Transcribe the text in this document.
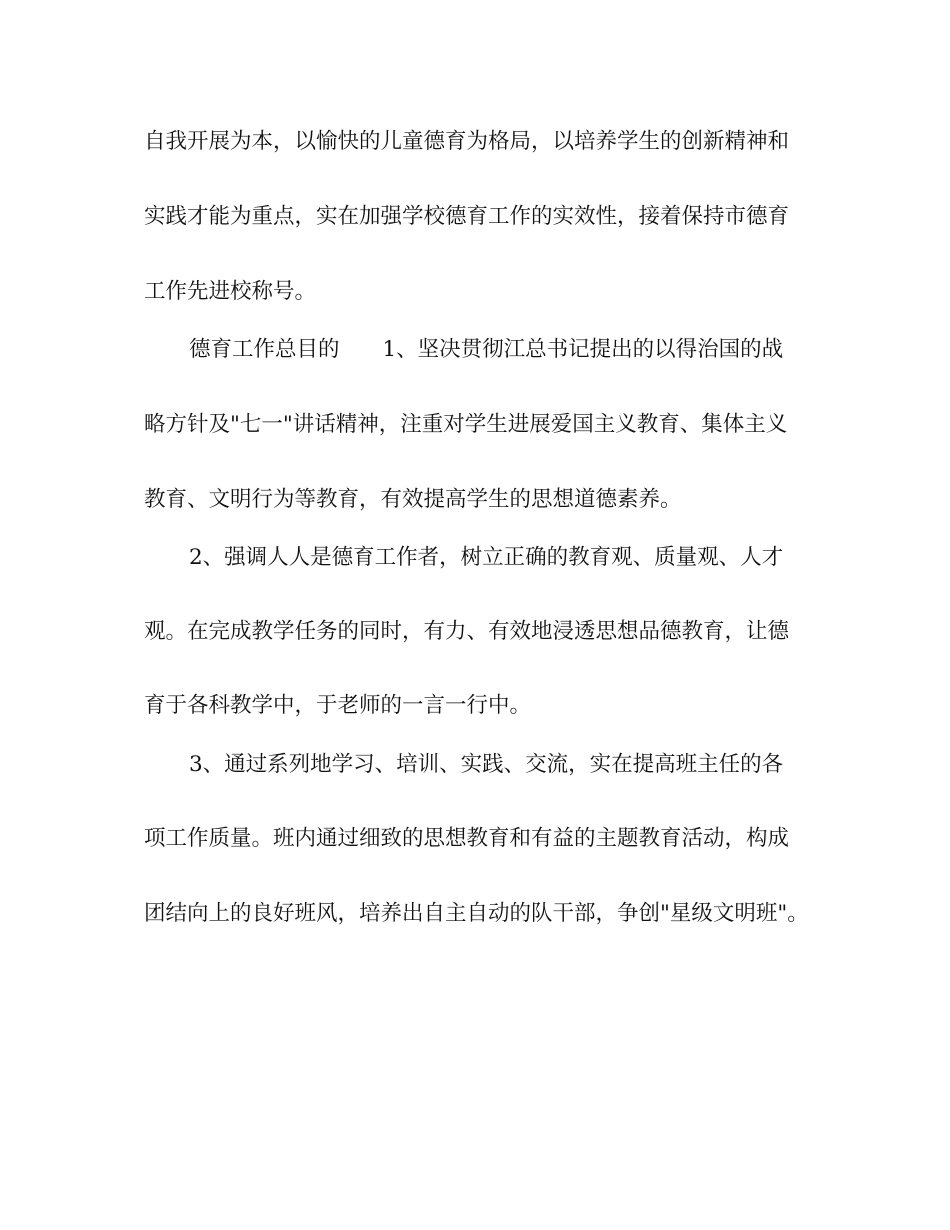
自我开展为本，以愉快的儿童德育为格局，以培养学生的创新精神和
实践才能为重点，实在加强学校德育工作的实效性，接着保持市德育
工作先进校称号。
德育工作总目的　　1、坚决贯彻江总书记提出的以得治国的战
略方针及"七一"讲话精神，注重对学生进展爱国主义教育、集体主义
教育、文明行为等教育，有效提高学生的思想道德素养。
2、强调人人是德育工作者，树立正确的教育观、质量观、人才
观。在完成教学任务的同时，有力、有效地浸透思想品德教育，让德
育于各科教学中，于老师的一言一行中。
3、通过系列地学习、培训、实践、交流，实在提高班主任的各
项工作质量。班内通过细致的思想教育和有益的主题教育活动，构成
团结向上的良好班风，培养出自主自动的队干部，争创"星级文明班"。
